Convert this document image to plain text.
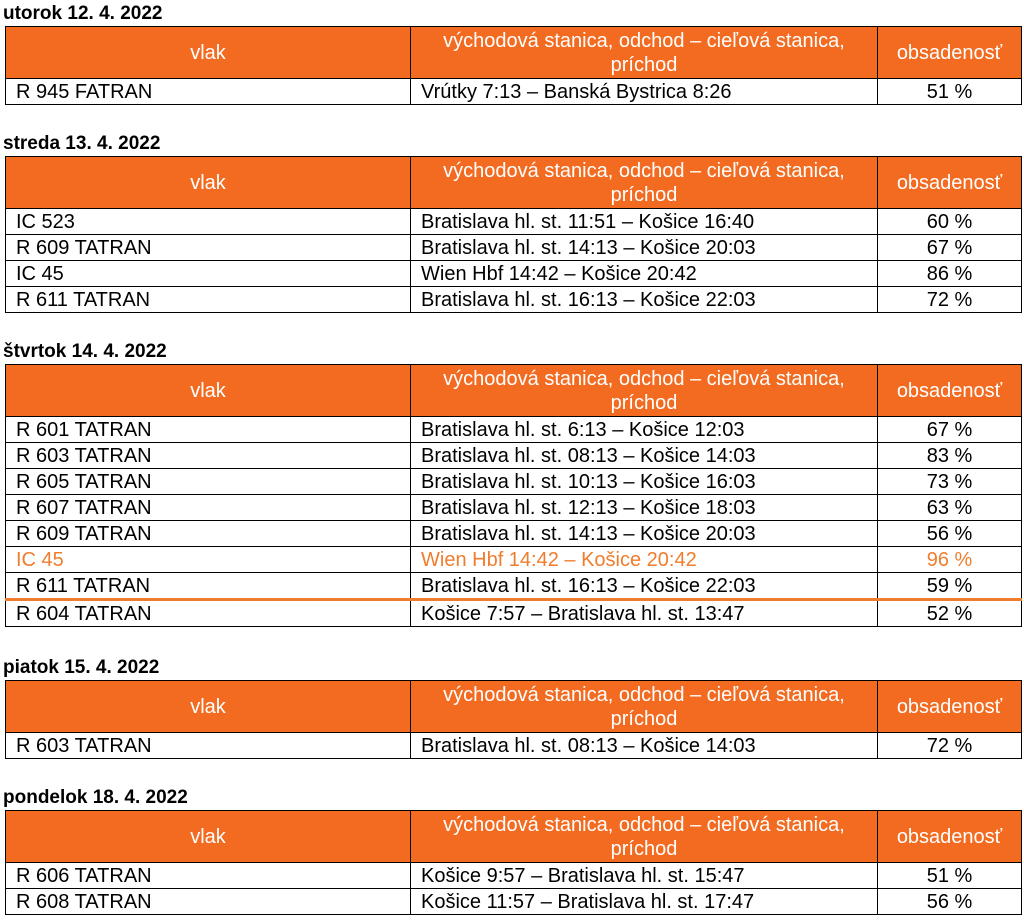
utorok 12. 4. 2022
vlak	východová stanica, odchod – cieľová stanica, príchod	obsadenosť
R 945 FATRAN	Vrútky 7:13 – Banská Bystrica 8:26	51 %
streda 13. 4. 2022
vlak	východová stanica, odchod – cieľová stanica, príchod	obsadenosť
IC 523	Bratislava hl. st. 11:51 – Košice 16:40	60 %
R 609 TATRAN	Bratislava hl. st. 14:13 – Košice 20:03	67 %
IC 45	Wien Hbf 14:42 – Košice 20:42	86 %
R 611 TATRAN	Bratislava hl. st. 16:13 – Košice 22:03	72 %
štvrtok 14. 4. 2022
vlak	východová stanica, odchod – cieľová stanica, príchod	obsadenosť
R 601 TATRAN	Bratislava hl. st. 6:13 – Košice 12:03	67 %
R 603 TATRAN	Bratislava hl. st. 08:13 – Košice 14:03	83 %
R 605 TATRAN	Bratislava hl. st. 10:13 – Košice 16:03	73 %
R 607 TATRAN	Bratislava hl. st. 12:13 – Košice 18:03	63 %
R 609 TATRAN	Bratislava hl. st. 14:13 – Košice 20:03	56 %
IC 45	Wien Hbf 14:42 – Košice 20:42	96 %
R 611 TATRAN	Bratislava hl. st. 16:13 – Košice 22:03	59 %
R 604 TATRAN	Košice 7:57 – Bratislava hl. st. 13:47	52 %
piatok 15. 4. 2022
vlak	východová stanica, odchod – cieľová stanica, príchod	obsadenosť
R 603 TATRAN	Bratislava hl. st. 08:13 – Košice 14:03	72 %
pondelok 18. 4. 2022
vlak	východová stanica, odchod – cieľová stanica, príchod	obsadenosť
R 606 TATRAN	Košice 9:57 – Bratislava hl. st. 15:47	51 %
R 608 TATRAN	Košice 11:57 – Bratislava hl. st. 17:47	56 %
